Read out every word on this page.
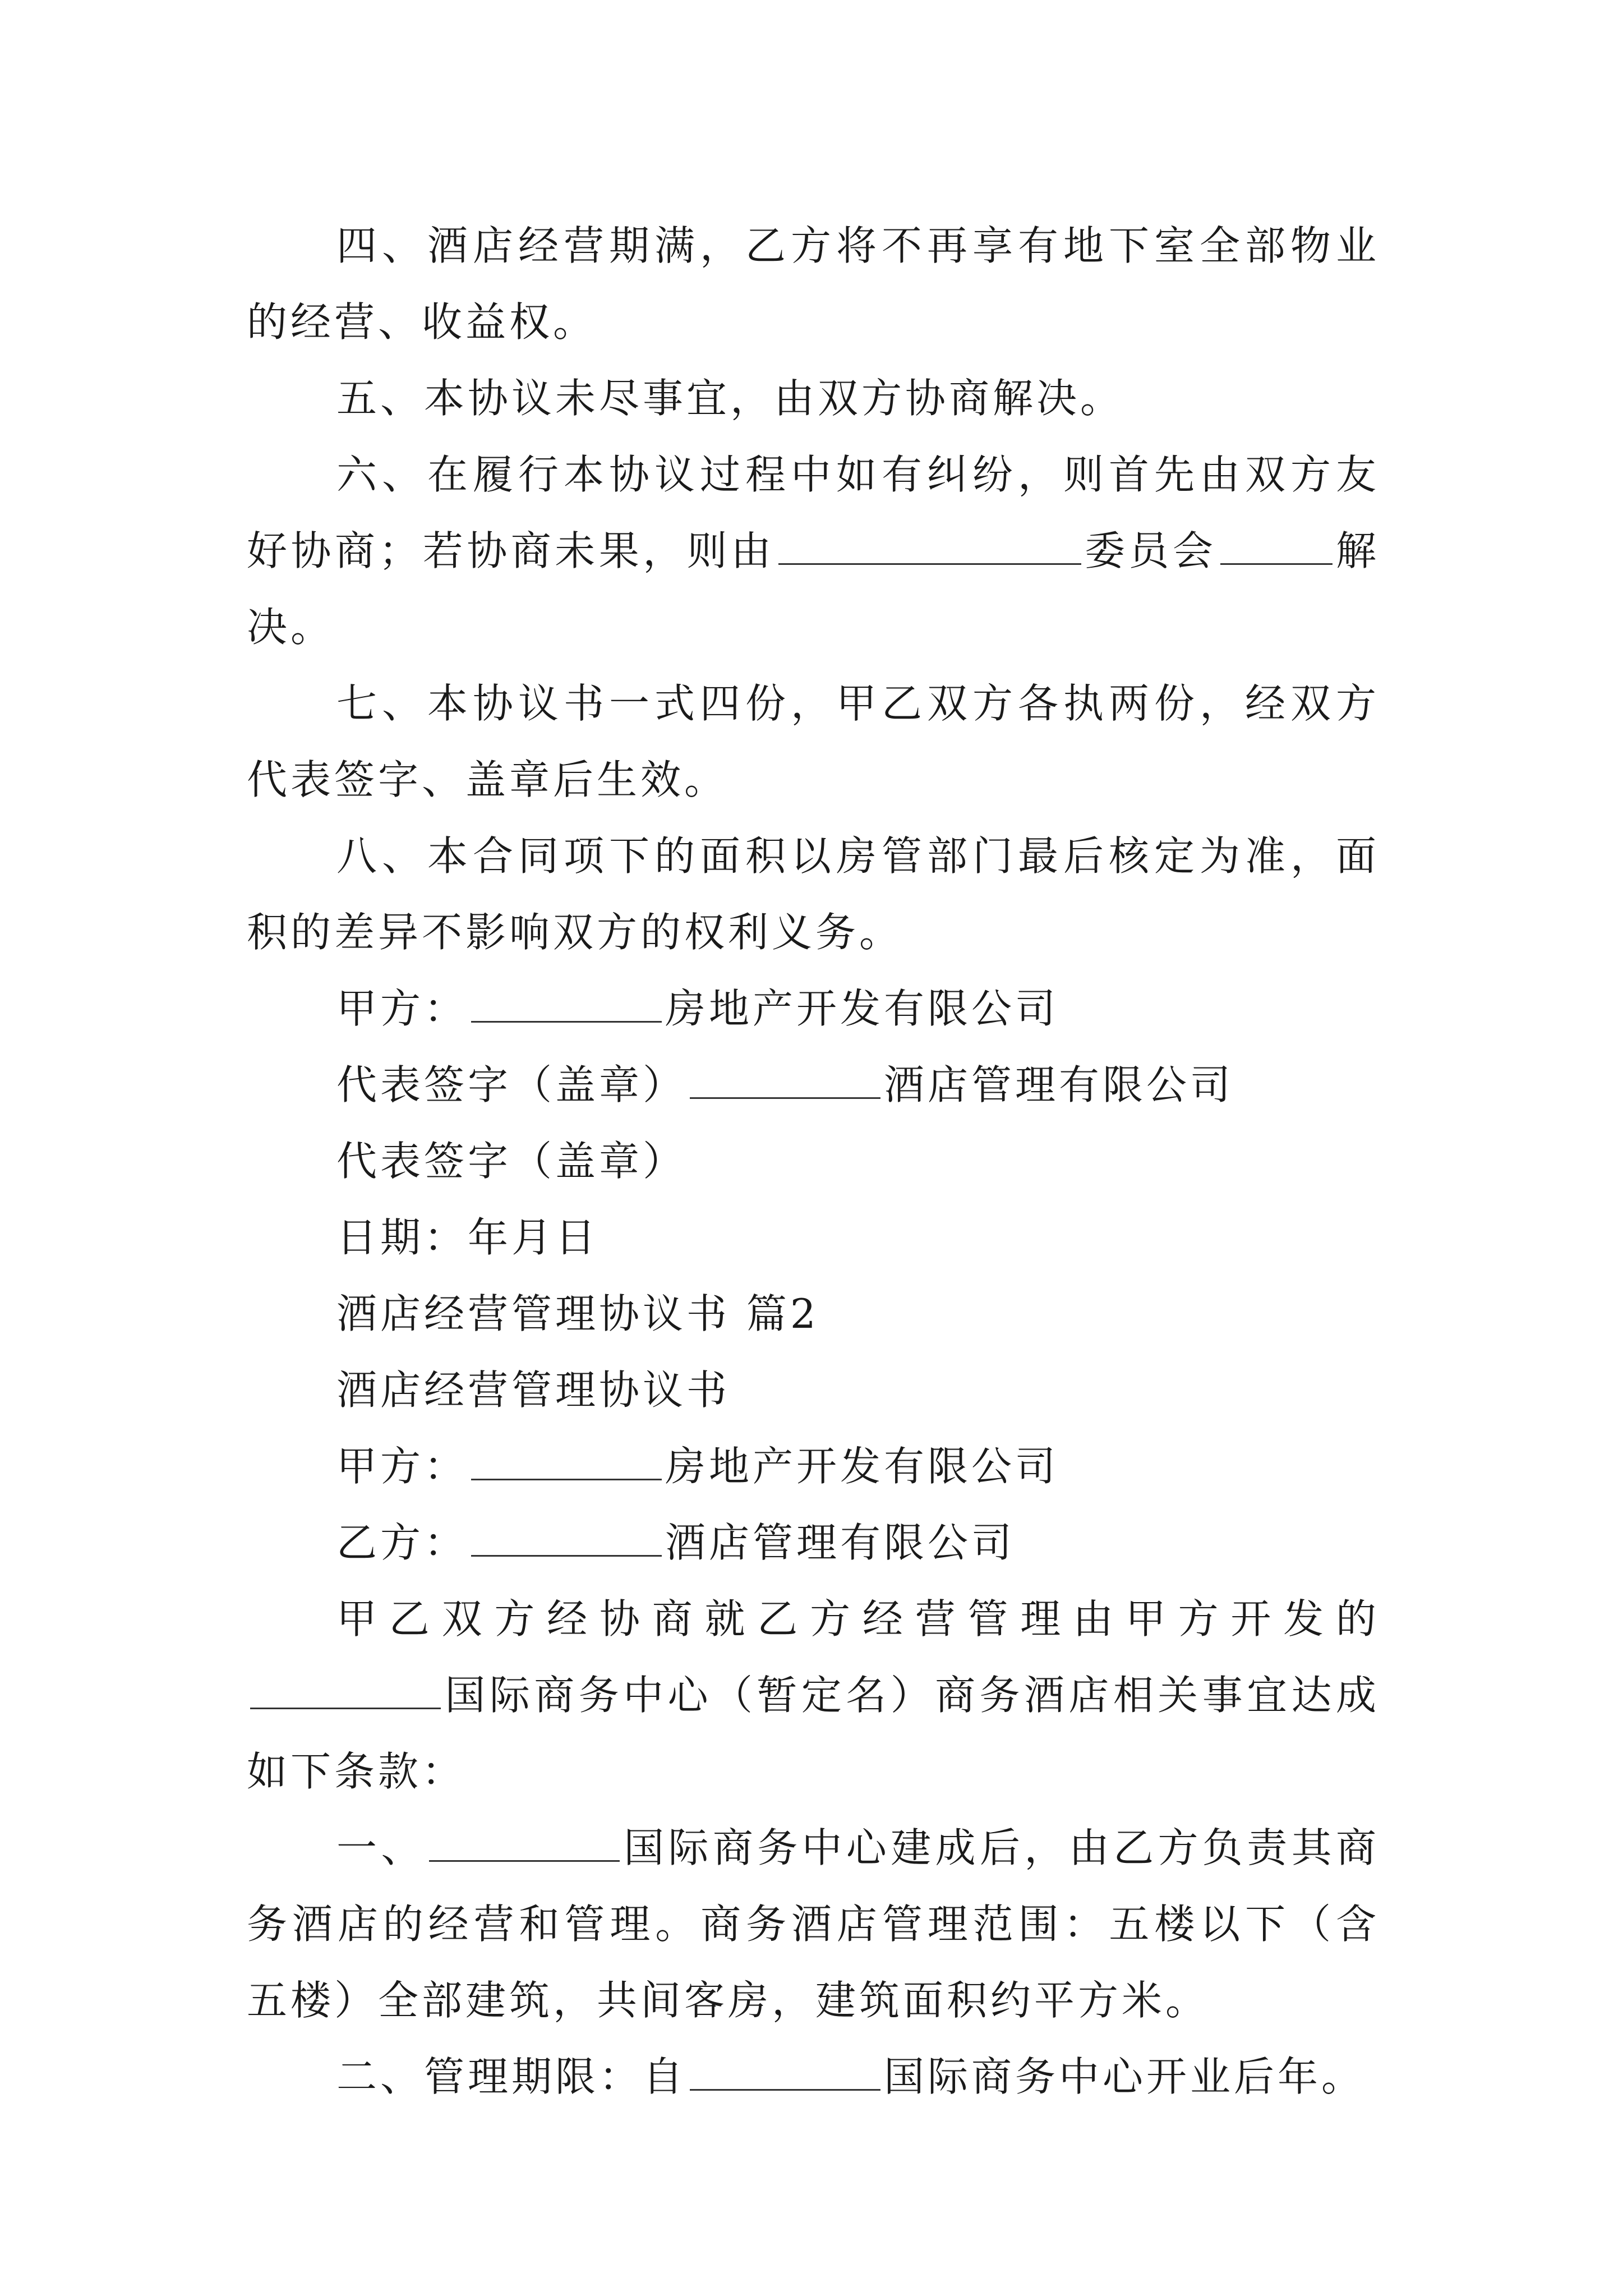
四、酒店经营期满，乙方将不再享有地下室全部物业的经营、收益权。

五、本协议未尽事宜，由双方协商解决。

六、在履行本协议过程中如有纠纷，则首先由双方友好协商；若协商未果，则由	委员会	解决。

七、本协议书一式四份，甲乙双方各执两份，经双方代表签字、盖章后生效。

八、本合同项下的面积以房管部门最后核定为准，面积的差异不影响双方的权利义务。

甲方：	房地产开发有限公司

代表签字（盖章）	酒店管理有限公司

代表签字（盖章）

日期：年月日

酒店经营管理协议书 篇2

酒店经营管理协议书

甲方：	房地产开发有限公司

乙方：	酒店管理有限公司

甲乙双方经协商就乙方经营管理由甲方开发的国际商务中心（暂定名）商务酒店相关事宜达成如下条款：

一、	国际商务中心建成后，由乙方负责其商务酒店的经营和管理。商务酒店管理范围：五楼以下（含五楼）全部建筑，共间客房，建筑面积约平方米。

二、管理期限：自	国际商务中心开业后年。
